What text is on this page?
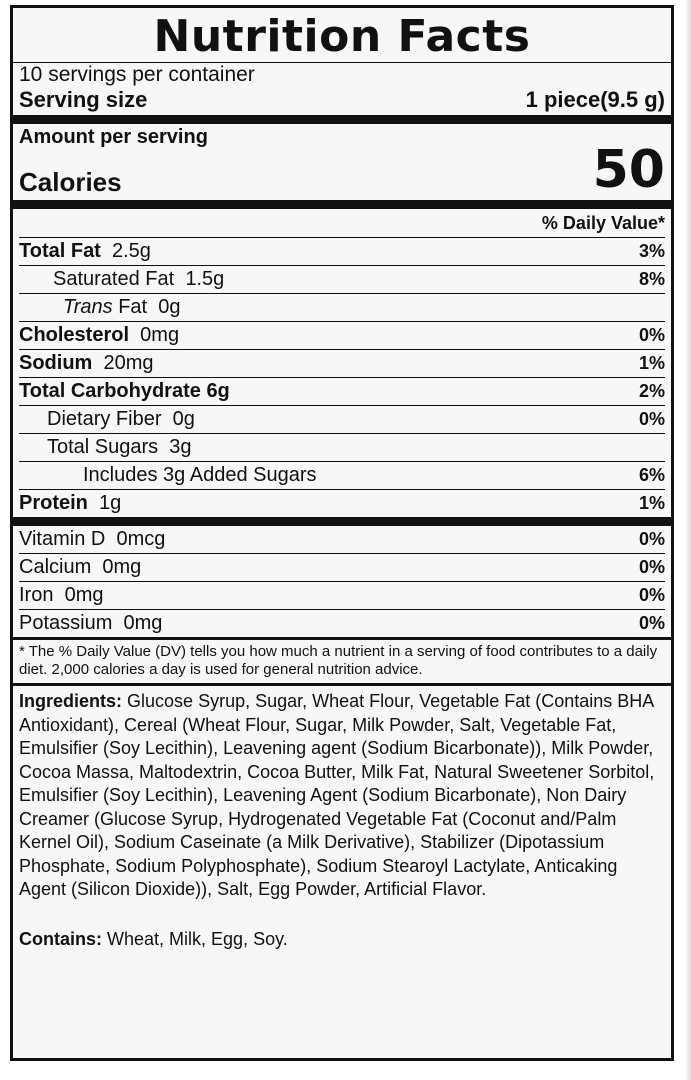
Nutrition Facts
10 servings per container
Serving size	1 piece(9.5 g)
Amount per serving
Calories	50
% Daily Value*
Total Fat 2.5g	3%
Saturated Fat 1.5g	8%
Trans Fat 0g
Cholesterol 0mg	0%
Sodium 20mg	1%
Total Carbohydrate 6g	2%
Dietary Fiber 0g	0%
Total Sugars 3g
Includes 3g Added Sugars	6%
Protein 1g	1%
Vitamin D 0mcg	0%
Calcium 0mg	0%
Iron 0mg	0%
Potassium 0mg	0%
* The % Daily Value (DV) tells you how much a nutrient in a serving of food contributes to a daily diet. 2,000 calories a day is used for general nutrition advice.
Ingredients: Glucose Syrup, Sugar, Wheat Flour, Vegetable Fat (Contains BHA Antioxidant), Cereal (Wheat Flour, Sugar, Milk Powder, Salt, Vegetable Fat, Emulsifier (Soy Lecithin), Leavening agent (Sodium Bicarbonate)), Milk Powder, Cocoa Massa, Maltodextrin, Cocoa Butter, Milk Fat, Natural Sweetener Sorbitol, Emulsifier (Soy Lecithin), Leavening Agent (Sodium Bicarbonate), Non Dairy Creamer (Glucose Syrup, Hydrogenated Vegetable Fat (Coconut and/Palm Kernel Oil), Sodium Caseinate (a Milk Derivative), Stabilizer (Dipotassium Phosphate, Sodium Polyphosphate), Sodium Stearoyl Lactylate, Anticaking Agent (Silicon Dioxide)), Salt, Egg Powder, Artificial Flavor.
Contains: Wheat, Milk, Egg, Soy.
